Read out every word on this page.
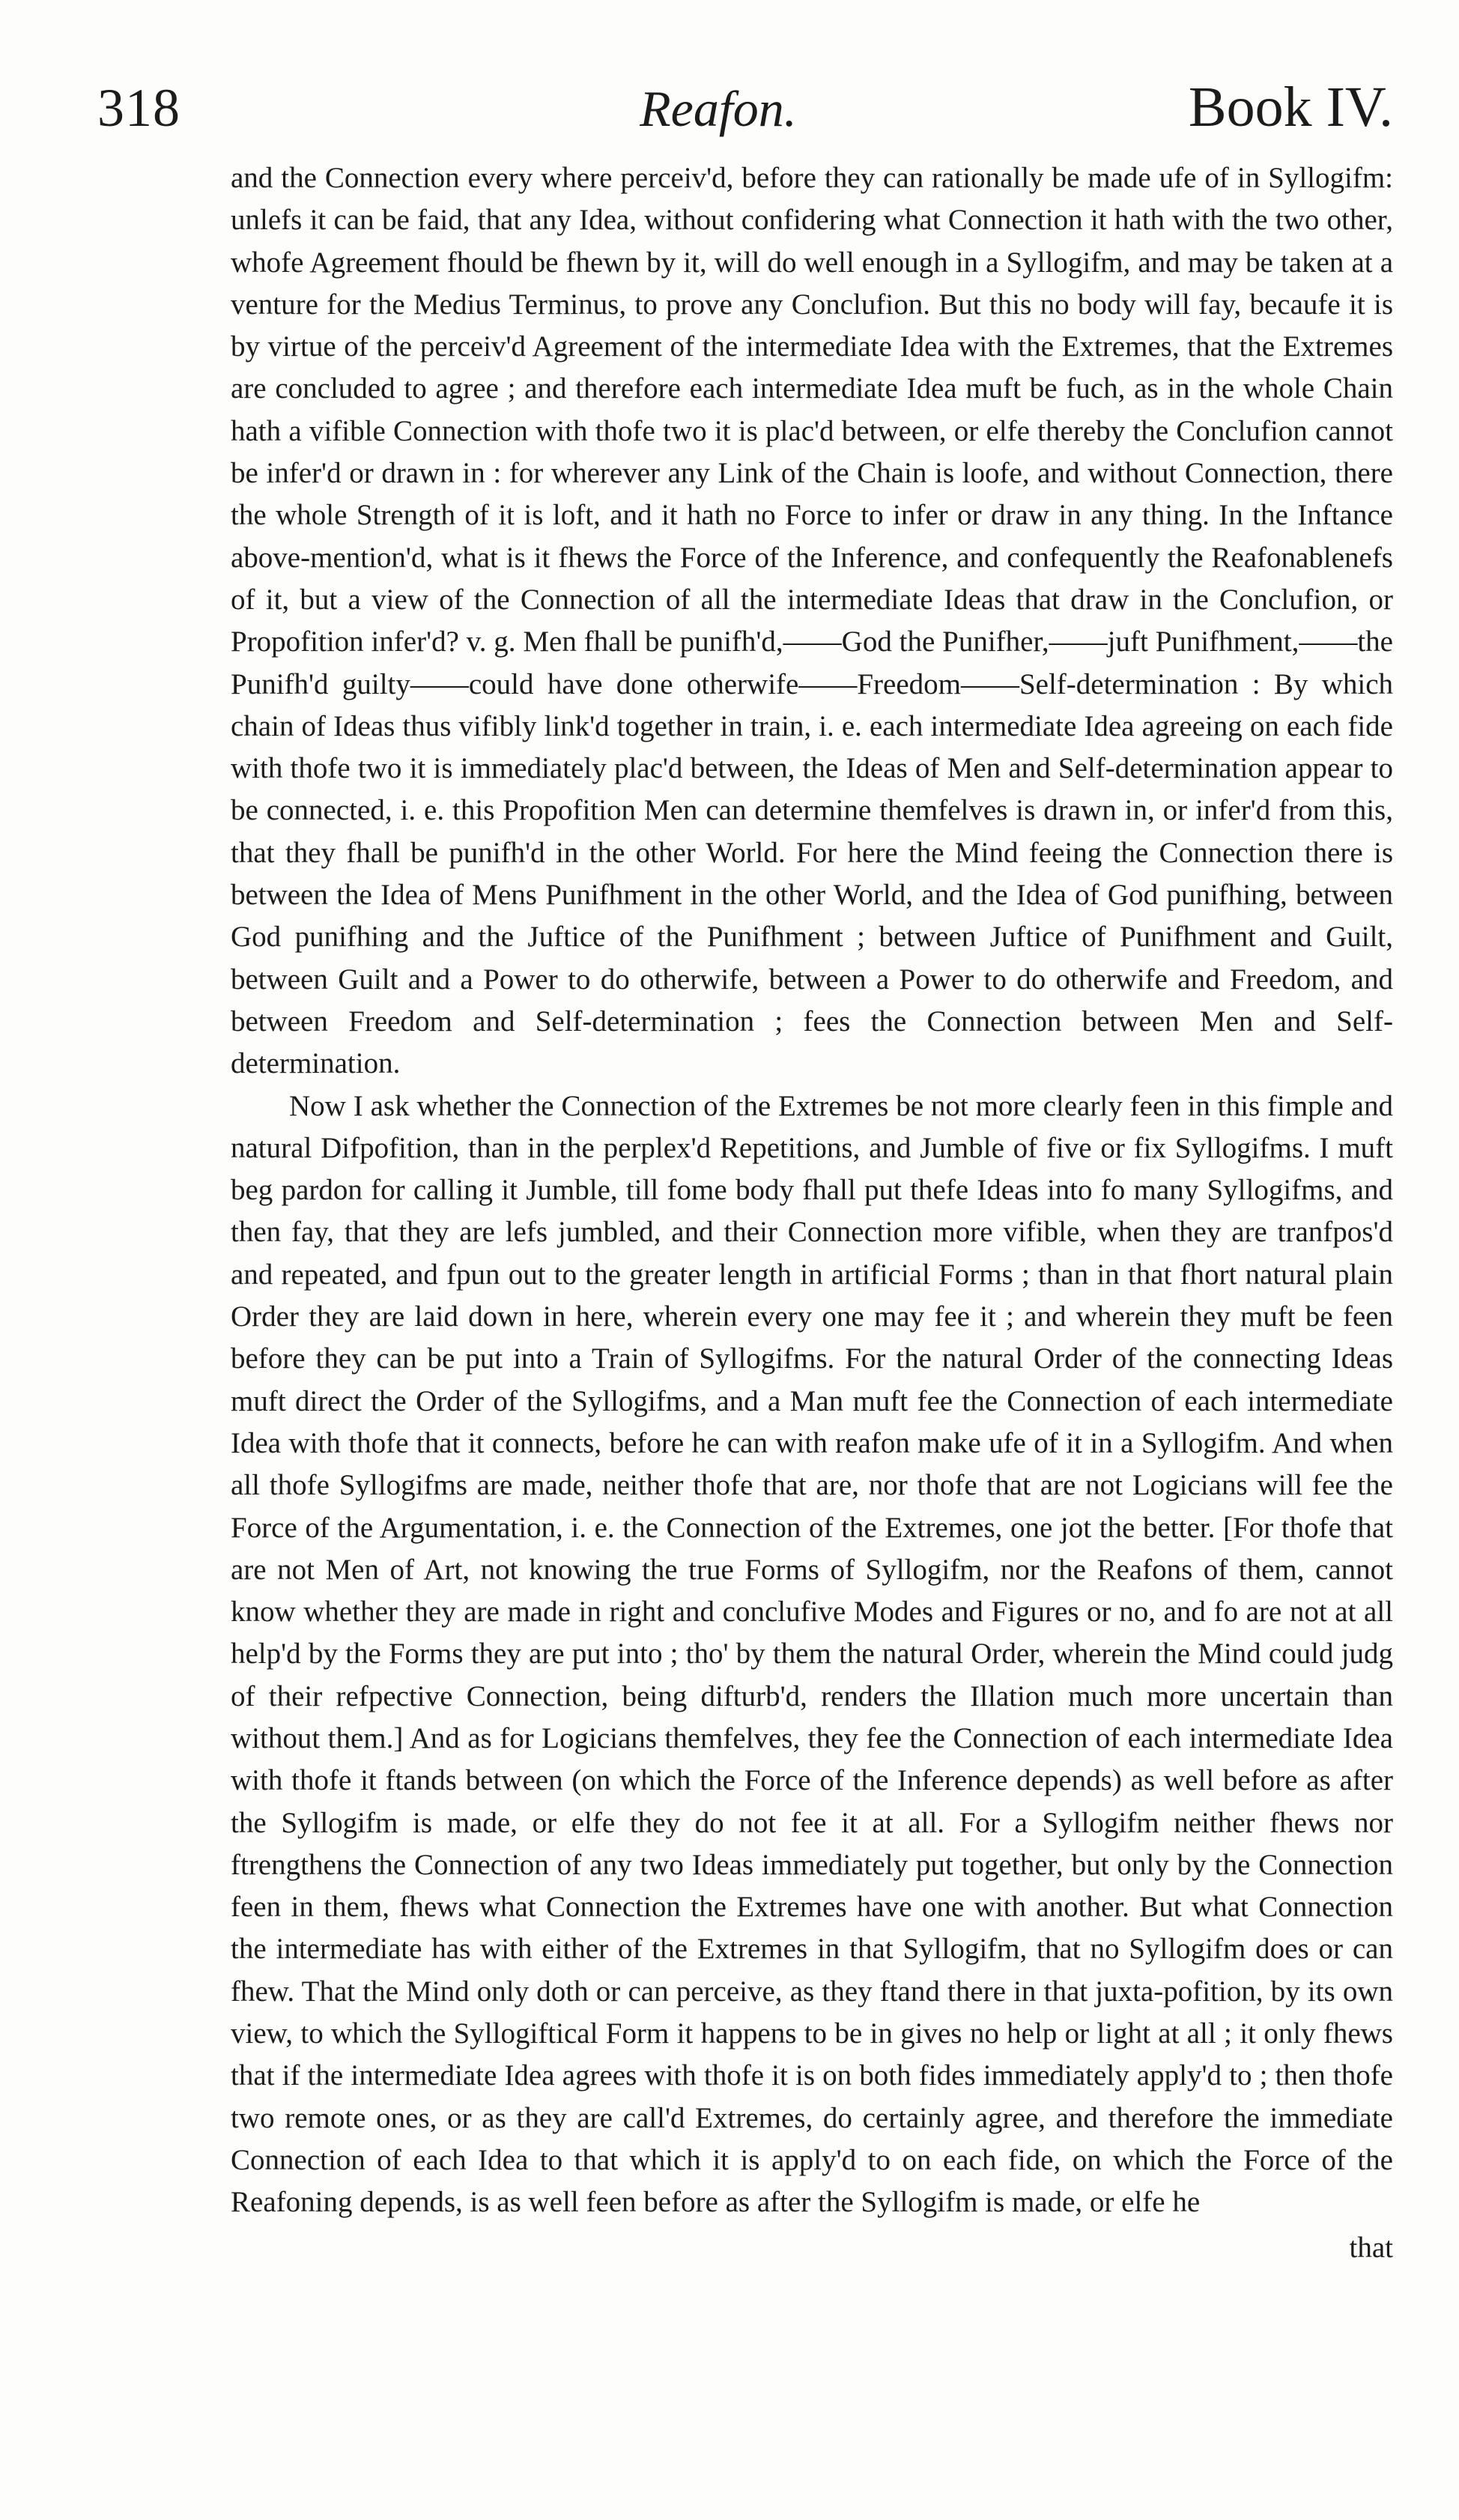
318	Reafon.	Book IV.

and the Connection every where perceiv'd, before they can rationally be made ufe of in Syllogifm: unlefs it can be faid, that any Idea, without confidering what Connection it hath with the two other, whofe Agreement fhould be fhewn by it, will do well enough in a Syllogifm, and may be taken at a venture for the Medius Terminus, to prove any Conclufion. But this no body will fay, becaufe it is by virtue of the perceiv'd Agreement of the intermediate Idea with the Extremes, that the Extremes are concluded to agree ; and therefore each intermediate Idea muft be fuch, as in the whole Chain hath a vifible Connection with thofe two it is plac'd between, or elfe thereby the Conclufion cannot be infer'd or drawn in : for wherever any Link of the Chain is loofe, and without Connection, there the whole Strength of it is loft, and it hath no Force to infer or draw in any thing. In the Inftance above-mention'd, what is it fhews the Force of the Inference, and confequently the Reafonablenefs of it, but a view of the Connection of all the intermediate Ideas that draw in the Conclufion, or Propofition infer'd? v. g. Men fhall be punifh'd,——God the Punifher,——juft Punifhment,——the Punifh'd guilty——could have done otherwife——Freedom——Self-determination : By which chain of Ideas thus vifibly link'd together in train, i. e. each intermediate Idea agreeing on each fide with thofe two it is immediately plac'd between, the Ideas of Men and Self-determination appear to be connected, i. e. this Propofition Men can determine themfelves is drawn in, or infer'd from this, that they fhall be punifh'd in the other World. For here the Mind feeing the Connection there is between the Idea of Mens Punifhment in the other World, and the Idea of God punifhing, between God punifhing and the Juftice of the Punifhment ; between Juftice of Punifhment and Guilt, between Guilt and a Power to do otherwife, between a Power to do otherwife and Freedom, and between Freedom and Self-determination ; fees the Connection between Men and Self-determination.

Now I ask whether the Connection of the Extremes be not more clearly feen in this fimple and natural Difpofition, than in the perplex'd Repetitions, and Jumble of five or fix Syllogifms. I muft beg pardon for calling it Jumble, till fome body fhall put thefe Ideas into fo many Syllogifms, and then fay, that they are lefs jumbled, and their Connection more vifible, when they are tranfpos'd and repeated, and fpun out to the greater length in artificial Forms ; than in that fhort natural plain Order they are laid down in here, wherein every one may fee it ; and wherein they muft be feen before they can be put into a Train of Syllogifms. For the natural Order of the connecting Ideas muft direct the Order of the Syllogifms, and a Man muft fee the Connection of each intermediate Idea with thofe that it connects, before he can with reafon make ufe of it in a Syllogifm. And when all thofe Syllogifms are made, neither thofe that are, nor thofe that are not Logicians will fee the Force of the Argumentation, i. e. the Connection of the Extremes, one jot the better. [For thofe that are not Men of Art, not knowing the true Forms of Syllogifm, nor the Reafons of them, cannot know whether they are made in right and conclufive Modes and Figures or no, and fo are not at all help'd by the Forms they are put into ; tho' by them the natural Order, wherein the Mind could judg of their refpective Connection, being difturb'd, renders the Illation much more uncertain than without them.] And as for Logicians themfelves, they fee the Connection of each intermediate Idea with thofe it ftands between (on which the Force of the Inference depends) as well before as after the Syllogifm is made, or elfe they do not fee it at all. For a Syllogifm neither fhews nor ftrengthens the Connection of any two Ideas immediately put together, but only by the Connection feen in them, fhews what Connection the Extremes have one with another. But what Connection the intermediate has with either of the Extremes in that Syllogifm, that no Syllogifm does or can fhew. That the Mind only doth or can perceive, as they ftand there in that juxta-pofition, by its own view, to which the Syllogiftical Form it happens to be in gives no help or light at all ; it only fhews that if the intermediate Idea agrees with thofe it is on both fides immediately apply'd to ; then thofe two remote ones, or as they are call'd Extremes, do certainly agree, and therefore the immediate Connection of each Idea to that which it is apply'd to on each fide, on which the Force of the Reafoning depends, is as well feen before as after the Syllogifm is made, or elfe he

that
